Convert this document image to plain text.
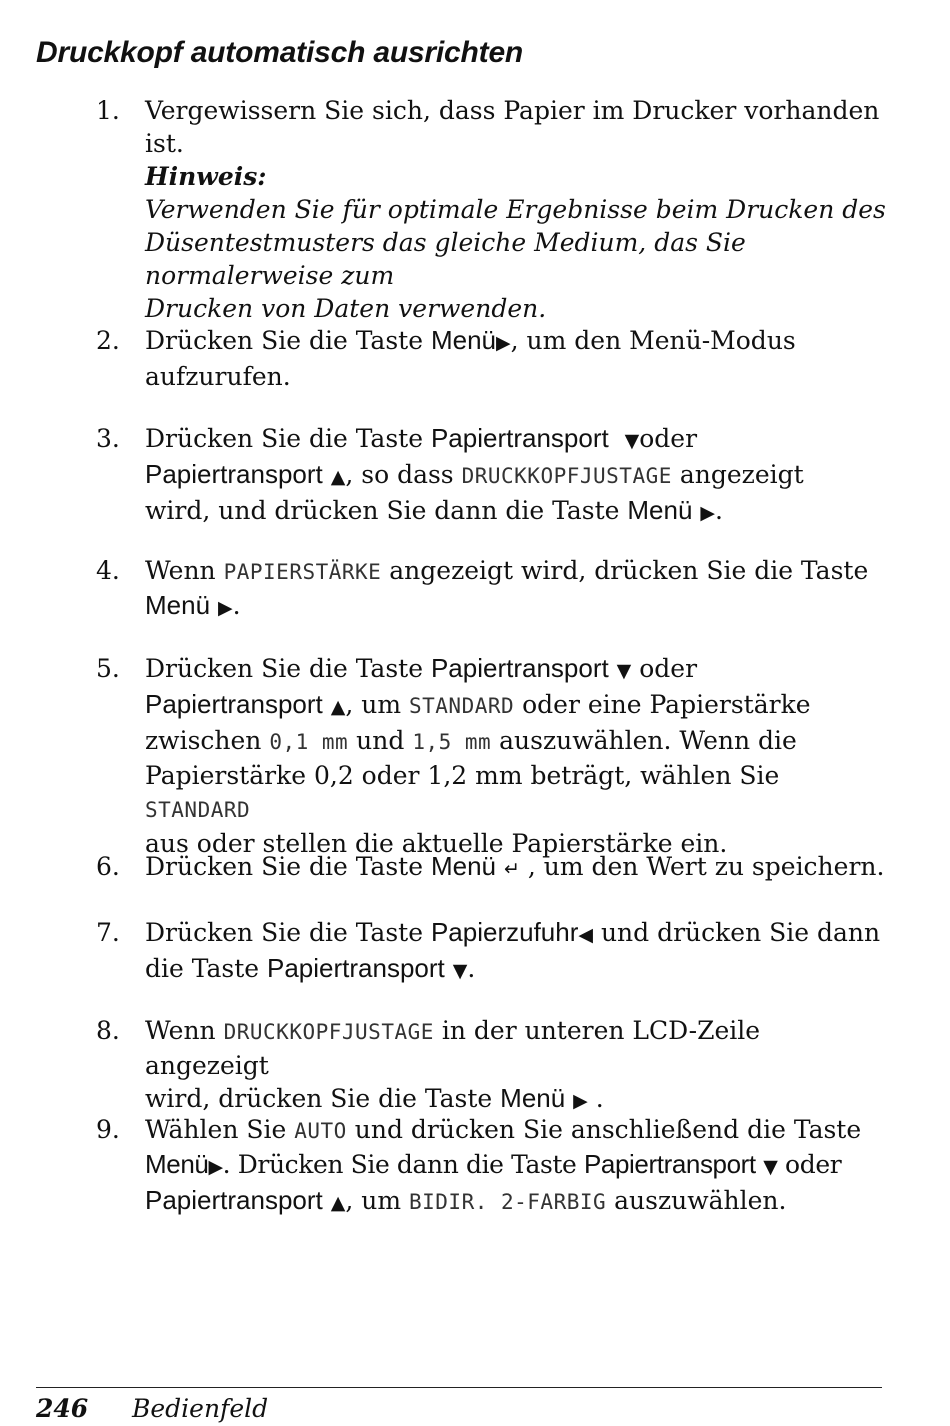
Druckkopf automatisch ausrichten
1. Vergewissern Sie sich, dass Papier im Drucker vorhanden ist.
Hinweis:
Verwenden Sie für optimale Ergebnisse beim Drucken des
Düsentestmusters das gleiche Medium, das Sie normalerweise zum
Drucken von Daten verwenden.
2. Drücken Sie die Taste Menü▶, um den Menü-Modus
aufzurufen.
3. Drücken Sie die Taste Papiertransport ▼oder
Papiertransport ▲, so dass DRUCKKOPFJUSTAGE angezeigt
wird, und drücken Sie dann die Taste Menü ▶.
4. Wenn PAPIERSTÄRKE angezeigt wird, drücken Sie die Taste
Menü ▶.
5. Drücken Sie die Taste Papiertransport ▼ oder
Papiertransport ▲, um STANDARD oder eine Papierstärke
zwischen 0,1 mm und 1,5 mm auszuwählen. Wenn die
Papierstärke 0,2 oder 1,2 mm beträgt, wählen Sie STANDARD
aus oder stellen die aktuelle Papierstärke ein.
6. Drücken Sie die Taste Menü ↵ , um den Wert zu speichern.
7. Drücken Sie die Taste Papierzufuhr◀ und drücken Sie dann
die Taste Papiertransport ▼.
8. Wenn DRUCKKOPFJUSTAGE in der unteren LCD-Zeile angezeigt
wird, drücken Sie die Taste Menü ▶ .
9. Wählen Sie AUTO und drücken Sie anschließend die Taste
Menü▶. Drücken Sie dann die Taste Papiertransport ▼ oder
Papiertransport ▲, um BIDIR. 2-FARBIG auszuwählen.
246 Bedienfeld
